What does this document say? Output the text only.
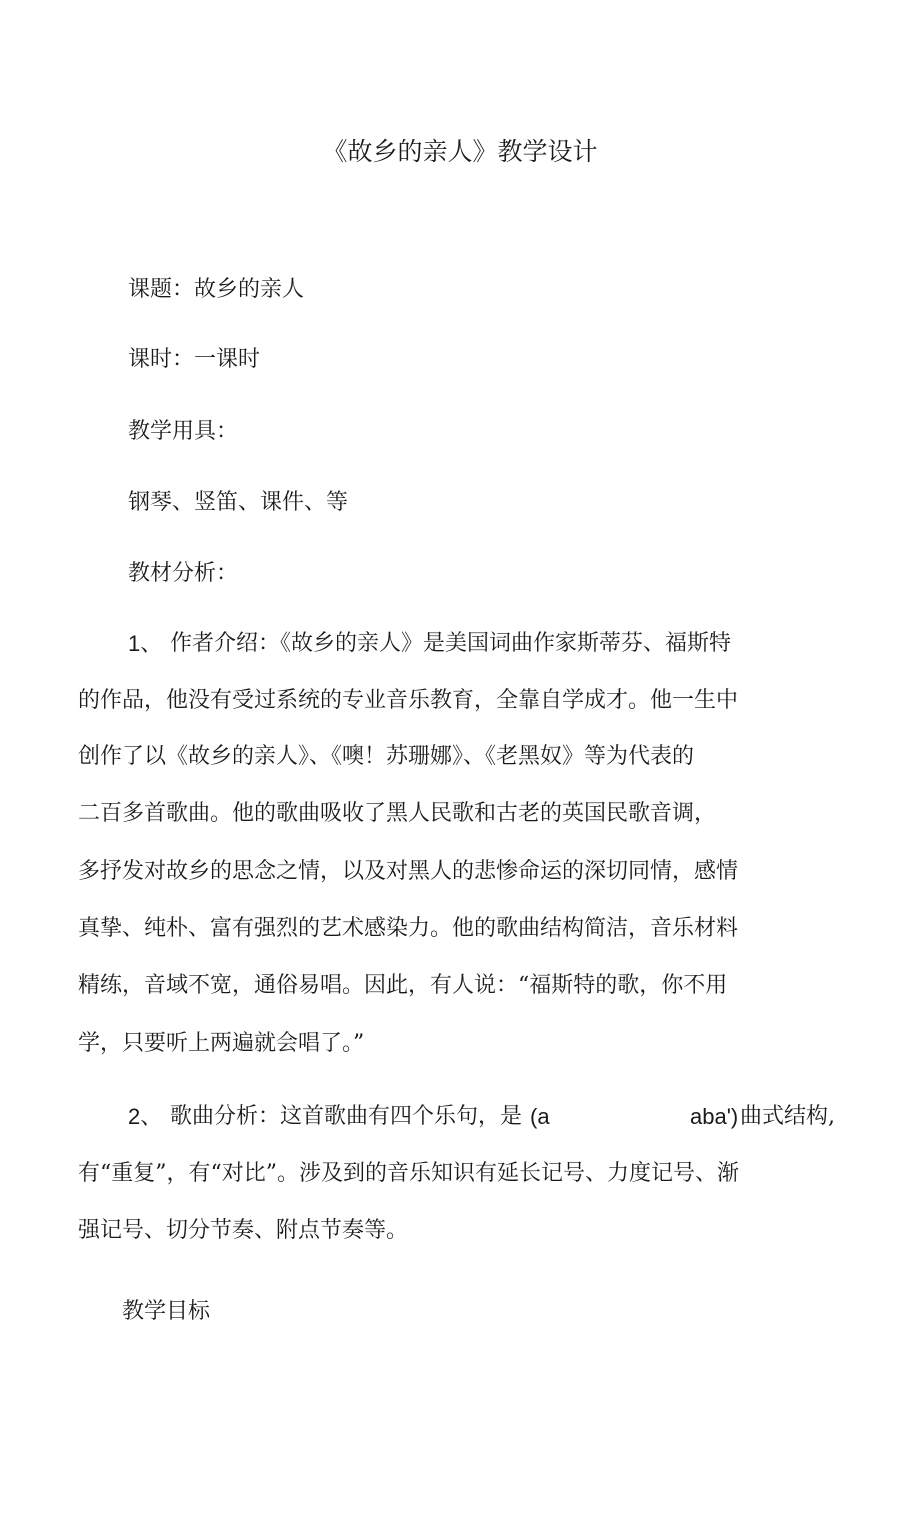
《故乡的亲人》教学设计
课题：故乡的亲人
课时：一课时
教学用具：
钢琴、竖笛、课件、等
教材分析：
1、 作者介绍：《故乡的亲人》是美国词曲作家斯蒂芬、福斯特
的作品，他没有受过系统的专业音乐教育，全靠自学成才。他一生中
创作了以《故乡的亲人》、《噢！苏珊娜》、《老黑奴》等为代表的
二百多首歌曲。他的歌曲吸收了黑人民歌和古老的英国民歌音调，
多抒发对故乡的思念之情，以及对黑人的悲惨命运的深切同情，感情
真挚、纯朴、富有强烈的艺术感染力。他的歌曲结构简洁，音乐材料
精练，音域不宽，通俗易唱。因此，有人说：“福斯特的歌，你不用
学，只要听上两遍就会唱了。”
2、 歌曲分析：这首歌曲有四个乐句，是 (a	aba') 曲式结构,
有“重复”，有“对比”。涉及到的音乐知识有延长记号、力度记号、渐
强记号、切分节奏、附点节奏等。
教学目标
